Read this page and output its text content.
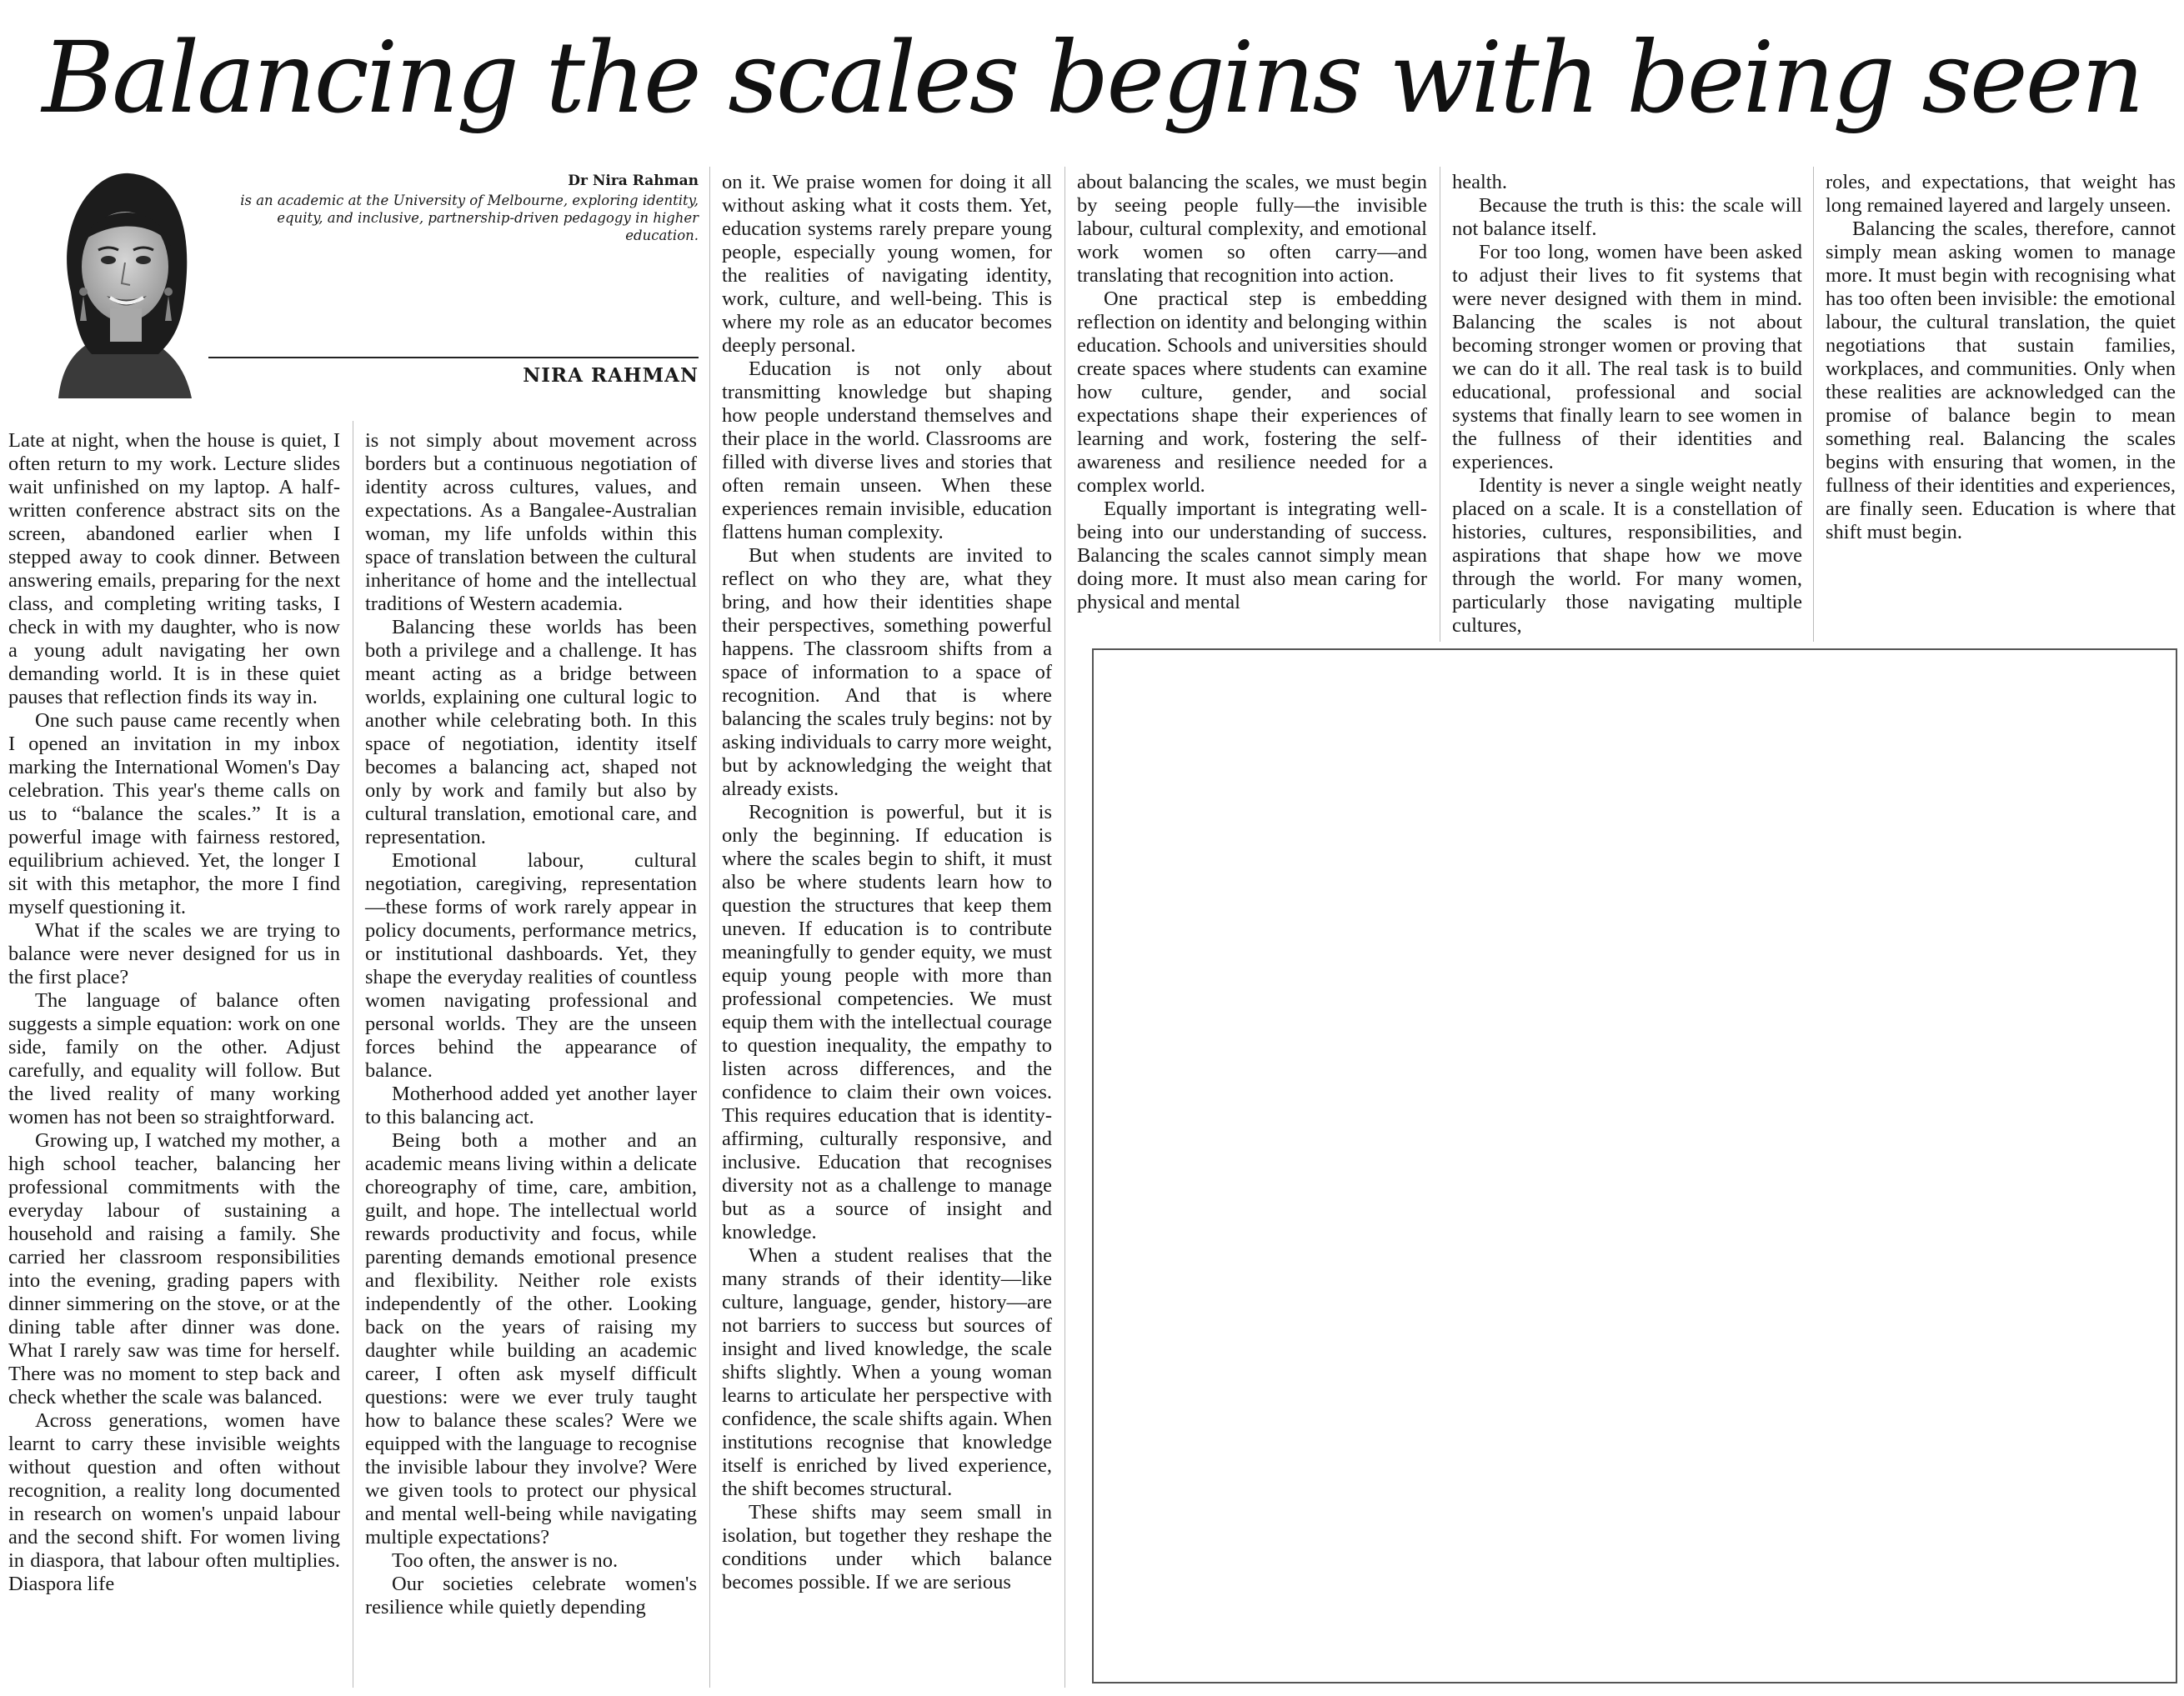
Balancing the scales begins with being seen
Dr Nira Rahman
is an academic at the University of Melbourne, exploring identity, equity, and inclusive, partnership-driven pedagogy in higher education.
NIRA RAHMAN

Late at night, when the house is quiet, I often return to my work. Lecture slides wait unfinished on my laptop. A half-written conference abstract sits on the screen, abandoned earlier when I stepped away to cook dinner. Between answering emails, preparing for the next class, and completing writing tasks, I check in with my daughter, who is now a young adult navigating her own demanding world. It is in these quiet pauses that reflection finds its way in.

One such pause came recently when I opened an invitation in my inbox marking the International Women's Day celebration. This year's theme calls on us to “balance the scales.” It is a powerful image with fairness restored, equilibrium achieved. Yet, the longer I sit with this metaphor, the more I find myself questioning it.

What if the scales we are trying to balance were never designed for us in the first place?

The language of balance often suggests a simple equation: work on one side, family on the other. Adjust carefully, and equality will follow. But the lived reality of many working women has not been so straightforward.

Growing up, I watched my mother, a high school teacher, balancing her professional commitments with the everyday labour of sustaining a household and raising a family. She carried her classroom responsibilities into the evening, grading papers with dinner simmering on the stove, or at the dining table after dinner was done. What I rarely saw was time for herself. There was no moment to step back and check whether the scale was balanced.

Across generations, women have learnt to carry these invisible weights without question and often without recognition, a reality long documented in research on women's unpaid labour and the second shift. For women living in diaspora, that labour often multiplies. Diaspora life

is not simply about movement across borders but a continuous negotiation of identity across cultures, values, and expectations. As a Bangalee-Australian woman, my life unfolds within this space of translation between the cultural inheritance of home and the intellectual traditions of Western academia.

Balancing these worlds has been both a privilege and a challenge. It has meant acting as a bridge between worlds, explaining one cultural logic to another while celebrating both. In this space of negotiation, identity itself becomes a balancing act, shaped not only by work and family but also by cultural translation, emotional care, and representation.

Emotional labour, cultural negotiation, caregiving, representation—these forms of work rarely appear in policy documents, performance metrics, or institutional dashboards. Yet, they shape the everyday realities of countless women navigating professional and personal worlds. They are the unseen forces behind the appearance of balance.

Motherhood added yet another layer to this balancing act.

Being both a mother and an academic means living within a delicate choreography of time, care, ambition, guilt, and hope. The intellectual world rewards productivity and focus, while parenting demands emotional presence and flexibility. Neither role exists independently of the other. Looking back on the years of raising my daughter while building an academic career, I often ask myself difficult questions: were we ever truly taught how to balance these scales? Were we equipped with the language to recognise the invisible labour they involve? Were we given tools to protect our physical and mental well-being while navigating multiple expectations?

Too often, the answer is no.

Our societies celebrate women's resilience while quietly depending

on it. We praise women for doing it all without asking what it costs them. Yet, education systems rarely prepare young people, especially young women, for the realities of navigating identity, work, culture, and well-being. This is where my role as an educator becomes deeply personal.

Education is not only about transmitting knowledge but shaping how people understand themselves and their place in the world. Classrooms are filled with diverse lives and stories that often remain unseen. When these experiences remain invisible, education flattens human complexity.

But when students are invited to reflect on who they are, what they bring, and how their identities shape their perspectives, something powerful happens. The classroom shifts from a space of information to a space of recognition. And that is where balancing the scales truly begins: not by asking individuals to carry more weight, but by acknowledging the weight that already exists.

Recognition is powerful, but it is only the beginning. If education is where the scales begin to shift, it must also be where students learn how to question the structures that keep them uneven. If education is to contribute meaningfully to gender equity, we must equip young people with more than professional competencies. We must equip them with the intellectual courage to question inequality, the empathy to listen across differences, and the confidence to claim their own voices. This requires education that is identity-affirming, culturally responsive, and inclusive. Education that recognises diversity not as a challenge to manage but as a source of insight and knowledge.

When a student realises that the many strands of their identity—like culture, language, gender, history—are not barriers to success but sources of insight and lived knowledge, the scale shifts slightly. When a young woman learns to articulate her perspective with confidence, the scale shifts again. When institutions recognise that knowledge itself is enriched by lived experience, the shift becomes structural.

These shifts may seem small in isolation, but together they reshape the conditions under which balance becomes possible. If we are serious

about balancing the scales, we must begin by seeing people fully—the invisible labour, cultural complexity, and emotional work women so often carry—and translating that recognition into action.

One practical step is embedding reflection on identity and belonging within education. Schools and universities should create spaces where students can examine how culture, gender, and social expectations shape their experiences of learning and work, fostering the self-awareness and resilience needed for a complex world.

Equally important is integrating well-being into our understanding of success. Balancing the scales cannot simply mean doing more. It must also mean caring for physical and mental

health.

Because the truth is this: the scale will not balance itself.

For too long, women have been asked to adjust their lives to fit systems that were never designed with them in mind. Balancing the scales is not about becoming stronger women or proving that we can do it all. The real task is to build educational, professional and social systems that finally learn to see women in the fullness of their identities and experiences.

Identity is never a single weight neatly placed on a scale. It is a constellation of histories, cultures, responsibilities, and aspirations that shape how we move through the world. For many women, particularly those navigating multiple cultures,

roles, and expectations, that weight has long remained layered and largely unseen.

Balancing the scales, therefore, cannot simply mean asking women to manage more. It must begin with recognising what has too often been invisible: the emotional labour, the cultural translation, the quiet negotiations that sustain families, workplaces, and communities. Only when these realities are acknowledged can the promise of balance begin to mean something real. Balancing the scales begins with ensuring that women, in the fullness of their identities and experiences, are finally seen. Education is where that shift must begin.
